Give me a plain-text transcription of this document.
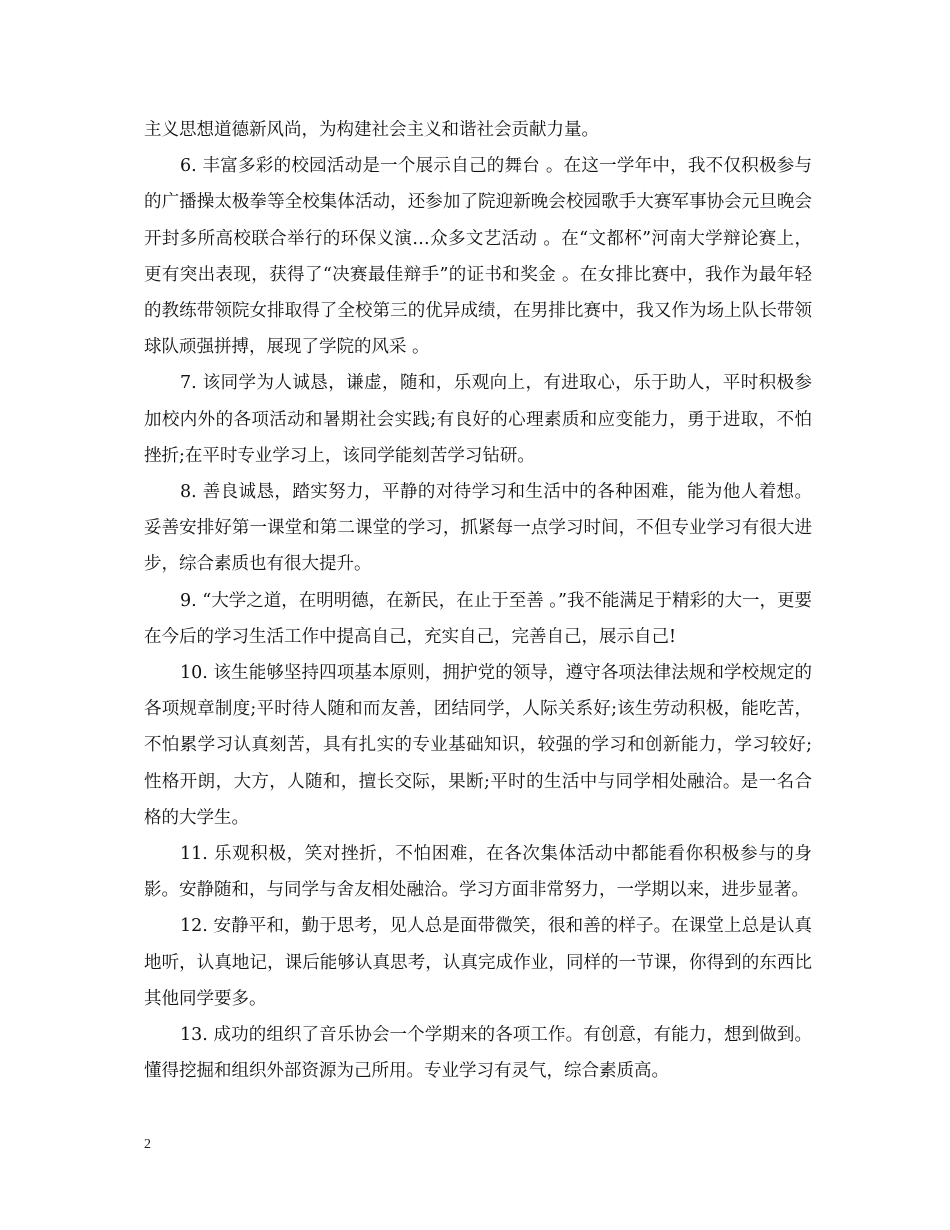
主义思想道德新风尚，为构建社会主义和谐社会贡献力量。

6. 丰富多彩的校园活动是一个展示自己的舞台 。在这一学年中，我不仅积极参与的广播操太极拳等全校集体活动，还参加了院迎新晚会校园歌手大赛军事协会元旦晚会开封多所高校联合举行的环保义演…众多文艺活动 。在“文都杯”河南大学辩论赛上，更有突出表现，获得了“决赛最佳辩手”的证书和奖金 。在女排比赛中，我作为最年轻的教练带领院女排取得了全校第三的优异成绩，在男排比赛中，我又作为场上队长带领球队顽强拼搏，展现了学院的风采 。

7. 该同学为人诚恳，谦虚，随和，乐观向上，有进取心，乐于助人，平时积极参加校内外的各项活动和暑期社会实践;有良好的心理素质和应变能力，勇于进取，不怕挫折;在平时专业学习上，该同学能刻苦学习钻研。

8. 善良诚恳，踏实努力，平静的对待学习和生活中的各种困难，能为他人着想。妥善安排好第一课堂和第二课堂的学习，抓紧每一点学习时间，不但专业学习有很大进步，综合素质也有很大提升。

9. “大学之道，在明明德，在新民，在止于至善 。”我不能满足于精彩的大一，更要在今后的学习生活工作中提高自己，充实自己，完善自己，展示自己!

10. 该生能够坚持四项基本原则，拥护党的领导，遵守各项法律法规和学校规定的各项规章制度;平时待人随和而友善，团结同学，人际关系好;该生劳动积极，能吃苦，不怕累学习认真刻苦，具有扎实的专业基础知识，较强的学习和创新能力，学习较好;性格开朗，大方，人随和，擅长交际，果断;平时的生活中与同学相处融洽。是一名合格的大学生。

11. 乐观积极，笑对挫折，不怕困难，在各次集体活动中都能看你积极参与的身影。安静随和，与同学与舍友相处融洽。学习方面非常努力，一学期以来，进步显著。

12. 安静平和，勤于思考，见人总是面带微笑，很和善的样子。在课堂上总是认真地听，认真地记，课后能够认真思考，认真完成作业，同样的一节课，你得到的东西比其他同学要多。

13. 成功的组织了音乐协会一个学期来的各项工作。有创意，有能力，想到做到。懂得挖掘和组织外部资源为己所用。专业学习有灵气，综合素质高。

2
